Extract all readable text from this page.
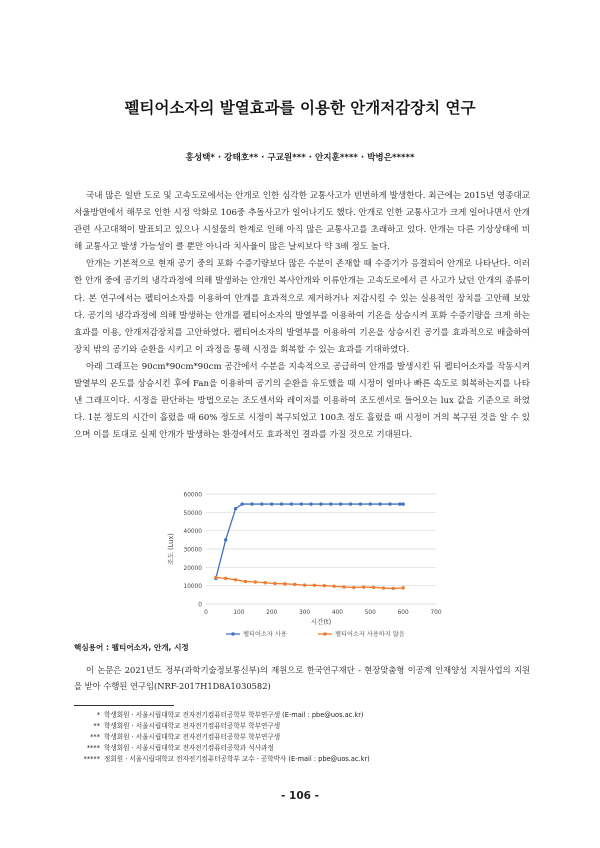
펠티어소자의 발열효과를 이용한 안개저감장치 연구
홍성택* · 강태호** · 구교원*** · 안지훈**** · 박병은*****

국내 많은 일반 도로 및 고속도로에서는 안개로 인한 심각한 교통사고가 빈번하게 발생한다. 최근에는 2015년 영종대교 서울방면에서 해무로 인한 시정 악화로 106중 추돌사고가 일어나기도 했다. 안개로 인한 교통사고가 크게 일어나면서 안개 관련 사고대책이 발표되고 있으나 시설물의 한계로 인해 아직 많은 교통사고를 초래하고 있다. 안개는 다른 기상상태에 비해 교통사고 발생 가능성이 클 뿐만 아니라 치사율이 많은 날씨보다 약 3배 정도 높다.

안개는 기본적으로 현재 공기 중의 포화 수증기량보다 많은 수분이 존재할 때 수증기가 응결되어 안개로 나타난다. 이러한 안개 중에 공기의 냉각과정에 의해 발생하는 안개인 복사안개와 이류안개는 고속도로에서 큰 사고가 났던 안개의 종류이다. 본 연구에서는 펠티어소자를 이용하여 안개를 효과적으로 제거하거나 저감시킬 수 있는 실용적인 장치를 고안해 보았다. 공기의 냉각과정에 의해 발생하는 안개를 펠티어소자의 발열부를 이용하여 기온을 상승시켜 포화 수증기량을 크게 하는 효과를 이용, 안개저감장치를 고안하였다. 펠티어소자의 발열부를 이용하여 기온을 상승시킨 공기를 효과적으로 배출하여 장치 밖의 공기와 순환을 시키고 이 과정을 통해 시정을 회복할 수 있는 효과를 기대하였다.

아래 그래프는 90cm*90cm*90cm 공간에서 수분을 지속적으로 공급하여 안개를 발생시킨 뒤 펠티어소자를 작동시켜 발열부의 온도를 상승시킨 후에 Fan을 이용하여 공기의 순환을 유도했을 때 시정이 얼마나 빠른 속도로 회복하는지를 나타낸 그래프이다. 시정을 판단하는 방법으로는 조도센서와 레이저를 이용하여 조도센서로 들어오는 lux 값을 기준으로 하였다. 1분 정도의 시간이 흘렀을 때 60% 정도로 시정이 복구되었고 100초 정도 흘렀을 때 시정이 거의 복구된 것을 알 수 있으며 이를 토대로 실제 안개가 발생하는 환경에서도 효과적인 결과를 가질 것으로 기대된다.

0
10000
20000
30000
40000
50000
60000
0	100	200	300	400	500	600	700
시간(t)
조도 (Lux)
펠티어소자 사용	펠티어소자 사용하지 않음
핵심용어 : 펠티어소자, 안개, 시정

이 논문은 2021년도 정부(과학기술정보통신부)의 재원으로 한국연구재단 - 현장맞춤형 이공계 인재양성 지원사업의 지원을 받아 수행된 연구임(NRF-2017H1D8A1030582)

* 학생회원 · 서울시립대학교 전자전기컴퓨터공학부 학부연구생 (E-mail : pbe@uos.ac.kr)
** 학생회원 · 서울시립대학교 전자전기컴퓨터공학부 학부연구생
*** 학생회원 · 서울시립대학교 전자전기컴퓨터공학부 학부연구생
**** 학생회원 · 서울시립대학교 전자전기컴퓨터공학과 석사과정
***** 정회원 · 서울시립대학교 전자전기컴퓨터공학부 교수 · 공학박사 (E-mail : pbe@uos.ac.kr)
- 106 -
